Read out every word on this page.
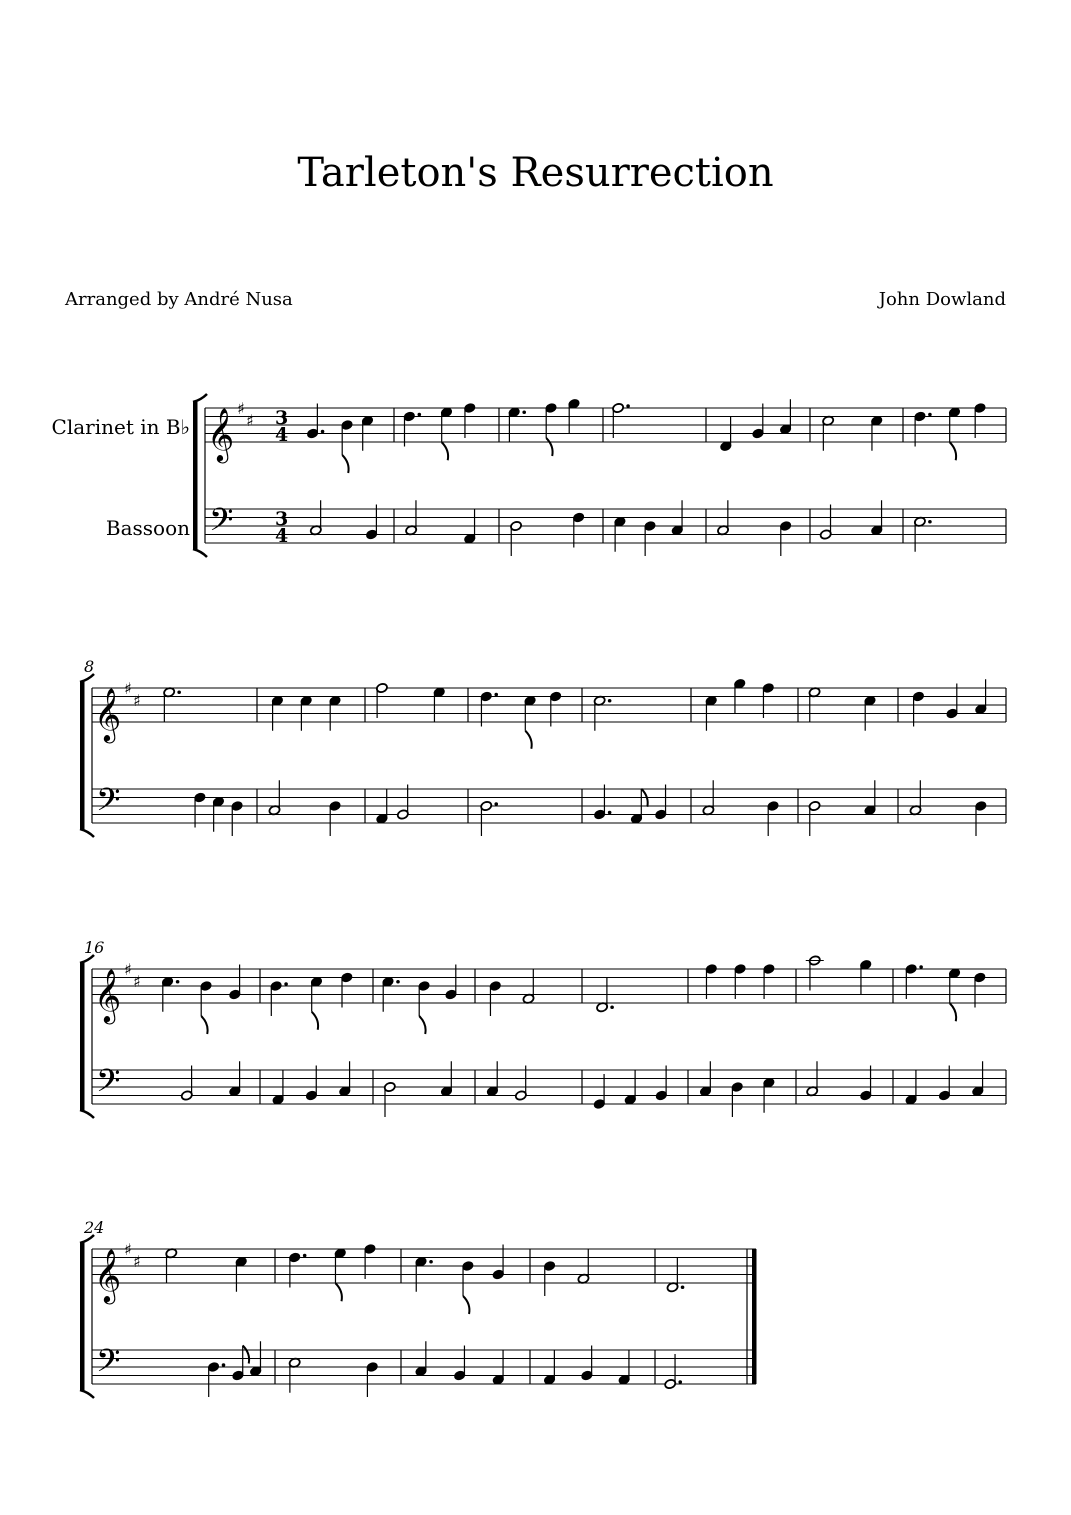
Tarleton's Resurrection
Arranged by André Nusa	John Dowland
Clarinet in B♭
Bassoon
𝄞 ♯
♯
𝄢
3
4
3
4
8
𝄞 ♯
♯
𝄢
16
𝄞 ♯
♯
𝄢
24
𝄞 ♯
♯
𝄢
